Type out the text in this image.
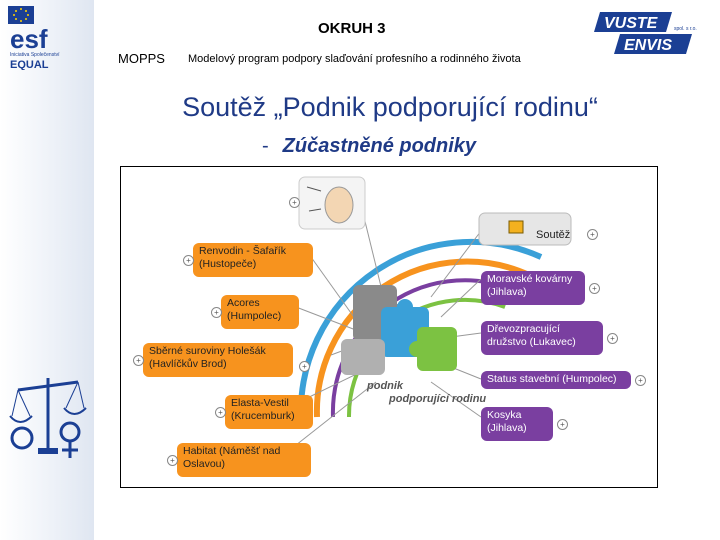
esf
Iniciativa Společenství
EQUAL
OKRUH 3
MOPPS Modelový program podpory slaďování profesního a rodinného života
VUSTE
ENVIS
spol. s r.o.
Soutěž „Podnik podporující rodinu“
- Zúčastněné podniky
Soutěž
podnik
podporující rodinu
Renvodin - Šafařík (Hustopeče)
Acores (Humpolec)
Sběrné suroviny Holešák (Havlíčkův Brod)
Elasta-Vestil (Krucemburk)
Habitat (Náměšť nad Oslavou)
Moravské kovárny (Jihlava)
Dřevozpracující družstvo (Lukavec)
Status stavební (Humpolec)
Kosyka (Jihlava)
+
+
+
+
+
+
+
+
+
+
+
+
